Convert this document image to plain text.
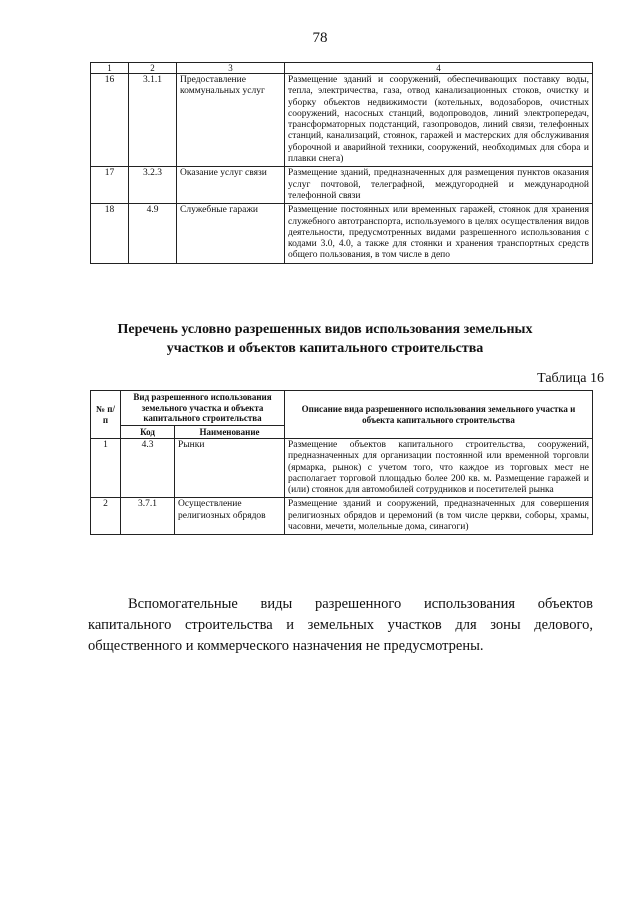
78
1	2	3	4
16	3.1.1	Предоставление коммунальных услуг	Размещение зданий и сооружений, обеспечивающих поставку воды, тепла, электричества, газа, отвод канализационных стоков, очистку и уборку объектов недвижимости (котельных, водозаборов, очистных сооружений, насосных станций, водопроводов, линий электропередач, трансформаторных подстанций, газопроводов, линий связи, телефонных станций, канализаций, стоянок, гаражей и мастерских для обслуживания уборочной и аварийной техники, сооружений, необходимых для сбора и плавки снега)
17	3.2.3	Оказание услуг связи	Размещение зданий, предназначенных для размещения пунктов оказания услуг почтовой, телеграфной, междугородней и международной телефонной связи
18	4.9	Служебные гаражи	Размещение постоянных или временных гаражей, стоянок для хранения служебного автотранспорта, используемого в целях осуществления видов деятельности, предусмотренных видами разрешенного использования с кодами 3.0, 4.0, а также для стоянки и хранения транспортных средств общего пользования, в том числе в депо
Перечень условно разрешенных видов использования земельных участков и объектов капитального строительства
Таблица 16
№ п/п	Вид разрешенного использования земельного участка и объекта капитального строительства		Описание вида разрешенного использования земельного участка и объекта капитального строительства
	Код	Наименование	
1	4.3	Рынки	Размещение объектов капитального строительства, сооружений, предназначенных для организации постоянной или временной торговли (ярмарка, рынок) с учетом того, что каждое из торговых мест не располагает торговой площадью более 200 кв. м. Размещение гаражей и (или) стоянок для автомобилей сотрудников и посетителей рынка
2	3.7.1	Осуществление религиозных обрядов	Размещение зданий и сооружений, предназначенных для совершения религиозных обрядов и церемоний (в том числе церкви, соборы, храмы, часовни, мечети, молельные дома, синагоги)
Вспомогательные виды разрешенного использования объектов капитального строительства и земельных участков для зоны делового, общественного и коммерческого назначения не предусмотрены.
